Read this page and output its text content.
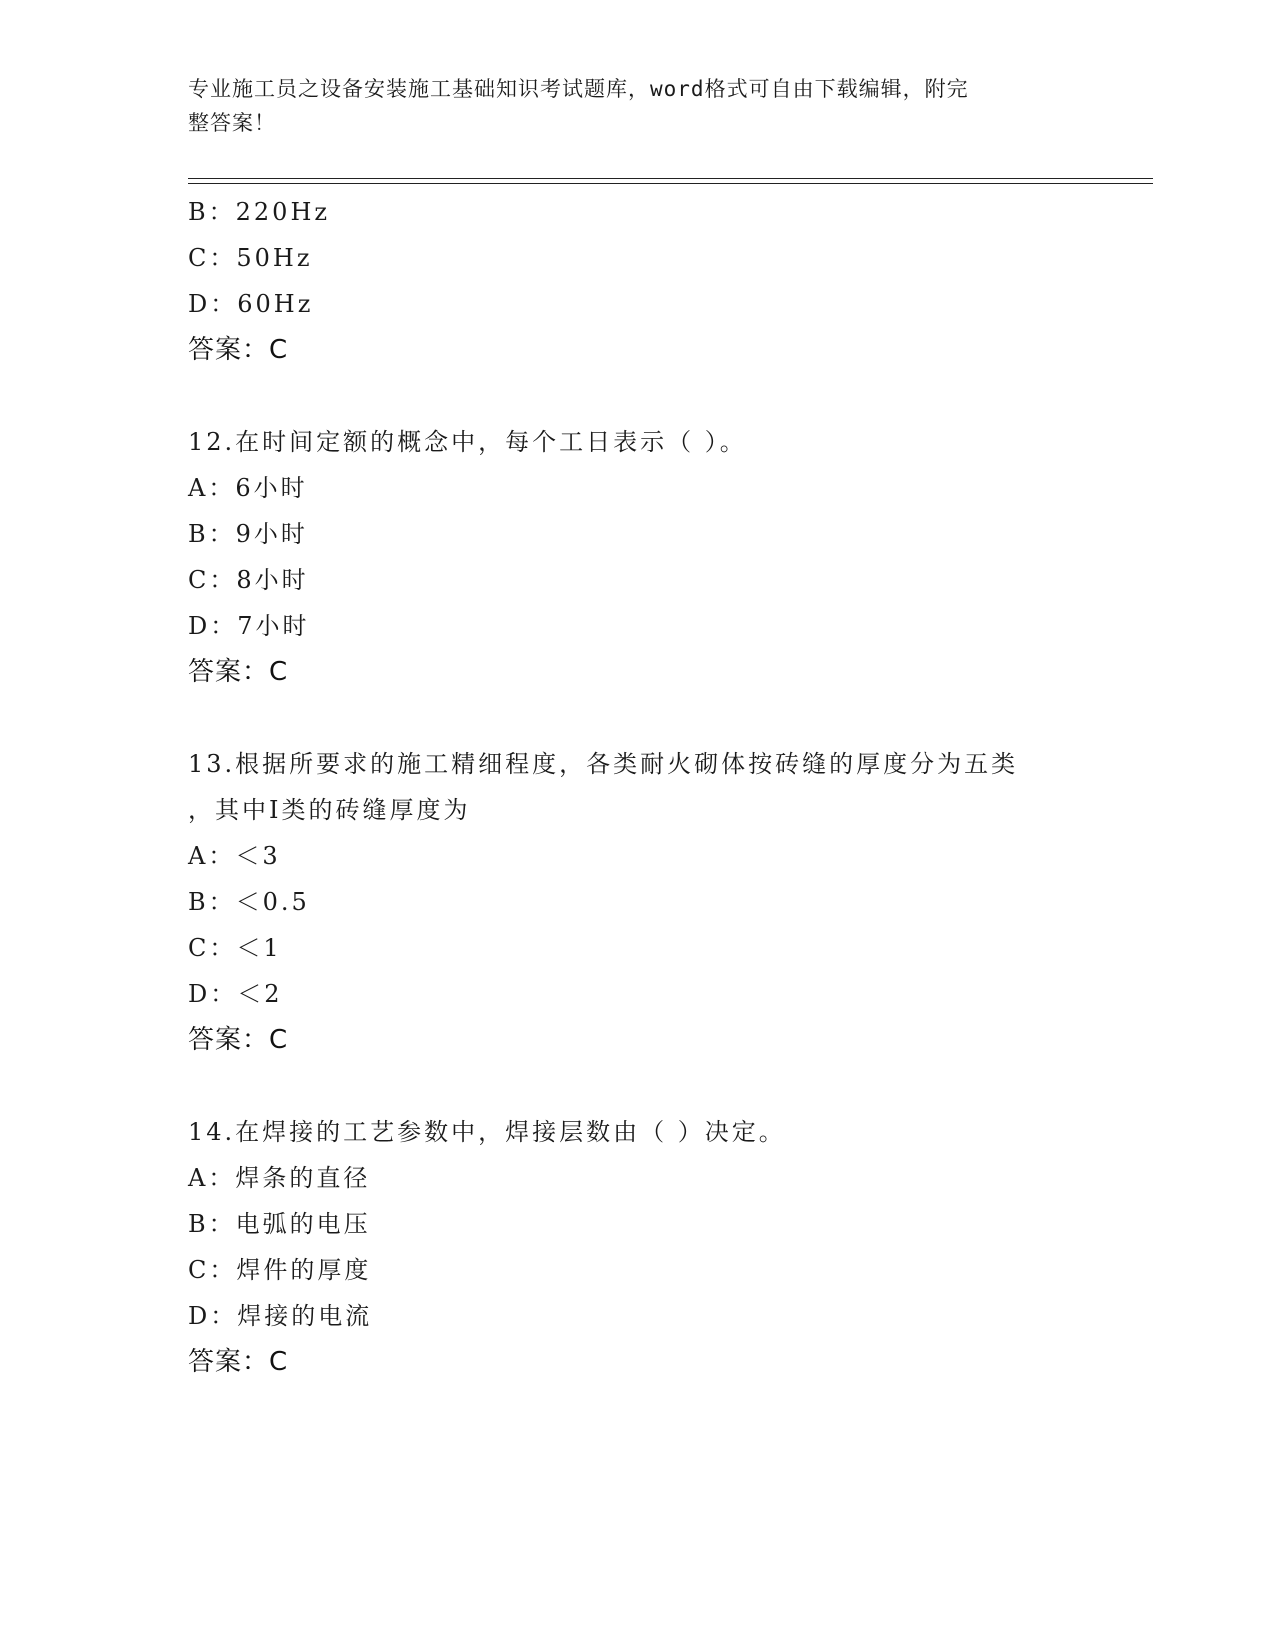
专业施工员之设备安装施工基础知识考试题库，word格式可自由下载编辑，附完
整答案！
B：220Hz
C：50Hz
D：60Hz
答案：C
12.在时间定额的概念中，每个工日表示（ ）。
A：6小时
B：9小时
C：8小时
D：7小时
答案：C
13.根据所要求的施工精细程度，各类耐火砌体按砖缝的厚度分为五类
，其中Ⅰ类的砖缝厚度为
A：＜3
B：＜0.5
C：＜1
D：＜2
答案：C
14.在焊接的工艺参数中，焊接层数由（ ）决定。
A：焊条的直径
B：电弧的电压
C：焊件的厚度
D：焊接的电流
答案：C
